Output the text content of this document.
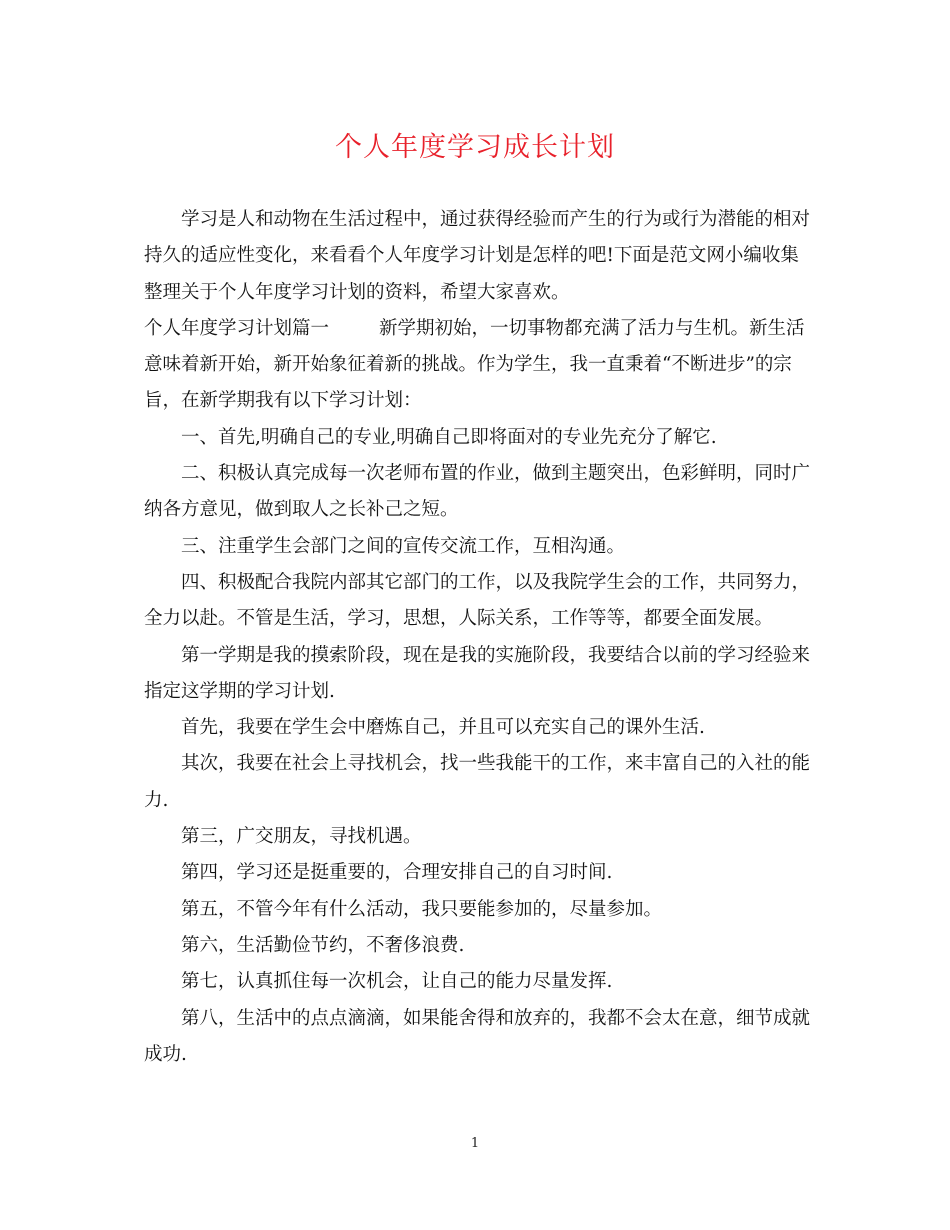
个人年度学习成长计划

学习是人和动物在生活过程中，通过获得经验而产生的行为或行为潜能的相对持久的适应性变化，来看看个人年度学习计划是怎样的吧!下面是范文网小编收集整理关于个人年度学习计划的资料，希望大家喜欢。

个人年度学习计划篇一	新学期初始，一切事物都充满了活力与生机。新生活意味着新开始，新开始象征着新的挑战。作为学生，我一直秉着“不断进步”的宗旨，在新学期我有以下学习计划：

一、首先,明确自己的专业,明确自己即将面对的专业先充分了解它.

二、积极认真完成每一次老师布置的作业，做到主题突出，色彩鲜明，同时广纳各方意见，做到取人之长补己之短。

三、注重学生会部门之间的宣传交流工作，互相沟通。

四、积极配合我院内部其它部门的工作，以及我院学生会的工作，共同努力，全力以赴。不管是生活，学习，思想，人际关系，工作等等，都要全面发展。

第一学期是我的摸索阶段，现在是我的实施阶段，我要结合以前的学习经验来指定这学期的学习计划.

首先，我要在学生会中磨炼自己，并且可以充实自己的课外生活.

其次，我要在社会上寻找机会，找一些我能干的工作，来丰富自己的入社的能力.

第三，广交朋友，寻找机遇。

第四，学习还是挺重要的，合理安排自己的自习时间.

第五，不管今年有什么活动，我只要能参加的，尽量参加。

第六，生活勤俭节约，不奢侈浪费.

第七，认真抓住每一次机会，让自己的能力尽量发挥.

第八，生活中的点点滴滴，如果能舍得和放弃的，我都不会太在意，细节成就成功.

1
